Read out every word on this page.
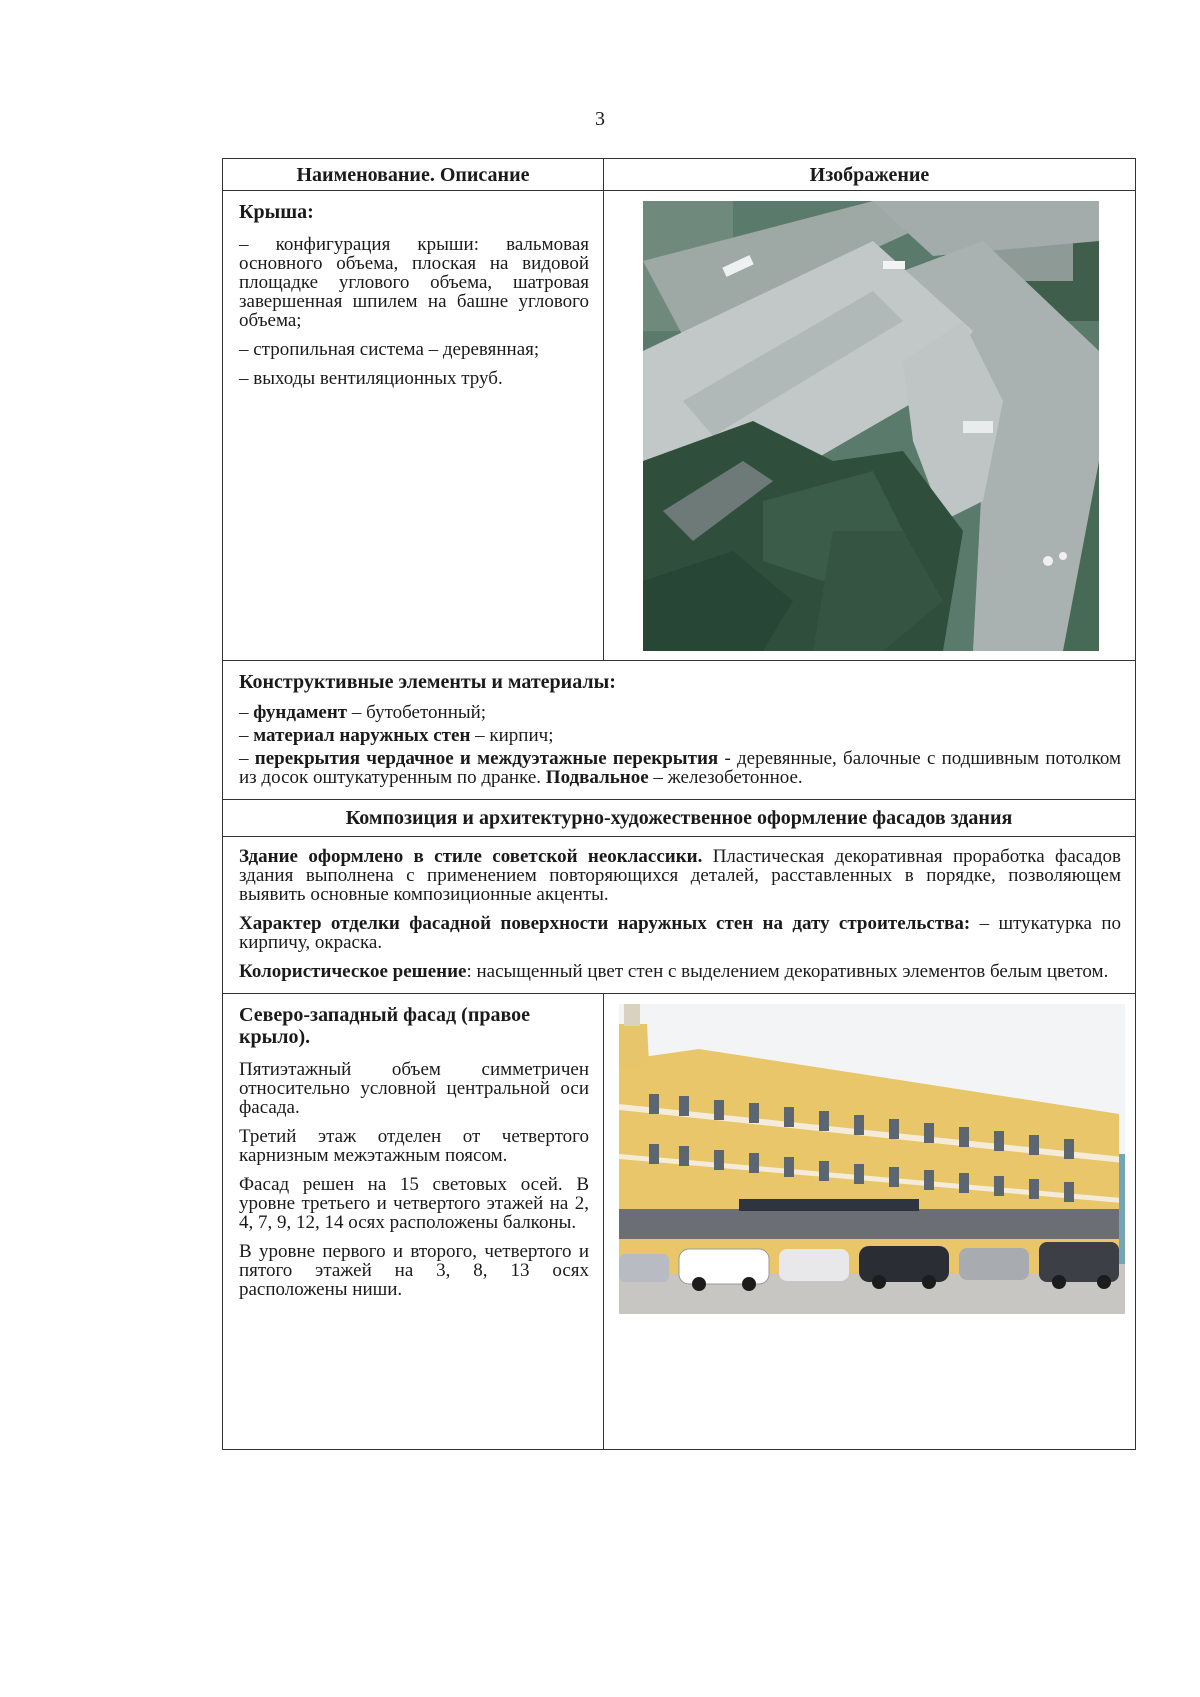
3
Наименование. Описание	Изображение
Крыша:

– конфигурация крыши: вальмовая основного объема, плоская на видовой площадке углового объема, шатровая завершенная шпилем на башне углового объема;

– стропильная система – деревянная;

– выходы вентиляционных труб.

Конструктивные элементы и материалы:

– фундамент – бутобетонный;

– материал наружных стен – кирпич;

– перекрытия чердачное и междуэтажные перекрытия - деревянные, балочные с подшивным потолком из досок оштукатуренным по дранке. Подвальное – железобетонное.

Композиция и архитектурно-художественное оформление фасадов здания

Здание оформлено в стиле советской неоклассики. Пластическая декоративная проработка фасадов здания выполнена с применением повторяющихся деталей, расставленных в порядке, позволяющем выявить основные композиционные акценты.

Характер отделки фасадной поверхности наружных стен на дату строительства: – штукатурка по кирпичу, окраска.

Колористическое решение: насыщенный цвет стен с выделением декоративных элементов белым цветом.

Северо-западный фасад (правое крыло).

Пятиэтажный объем симметричен относительно условной центральной оси фасада.

Третий этаж отделен от четвертого карнизным межэтажным поясом.

Фасад решен на 15 световых осей. В уровне третьего и четвертого этажей на 2, 4, 7, 9, 12, 14 осях расположены балконы.

В уровне первого и второго, четвертого и пятого этажей на 3, 8, 13 осях расположены ниши.
